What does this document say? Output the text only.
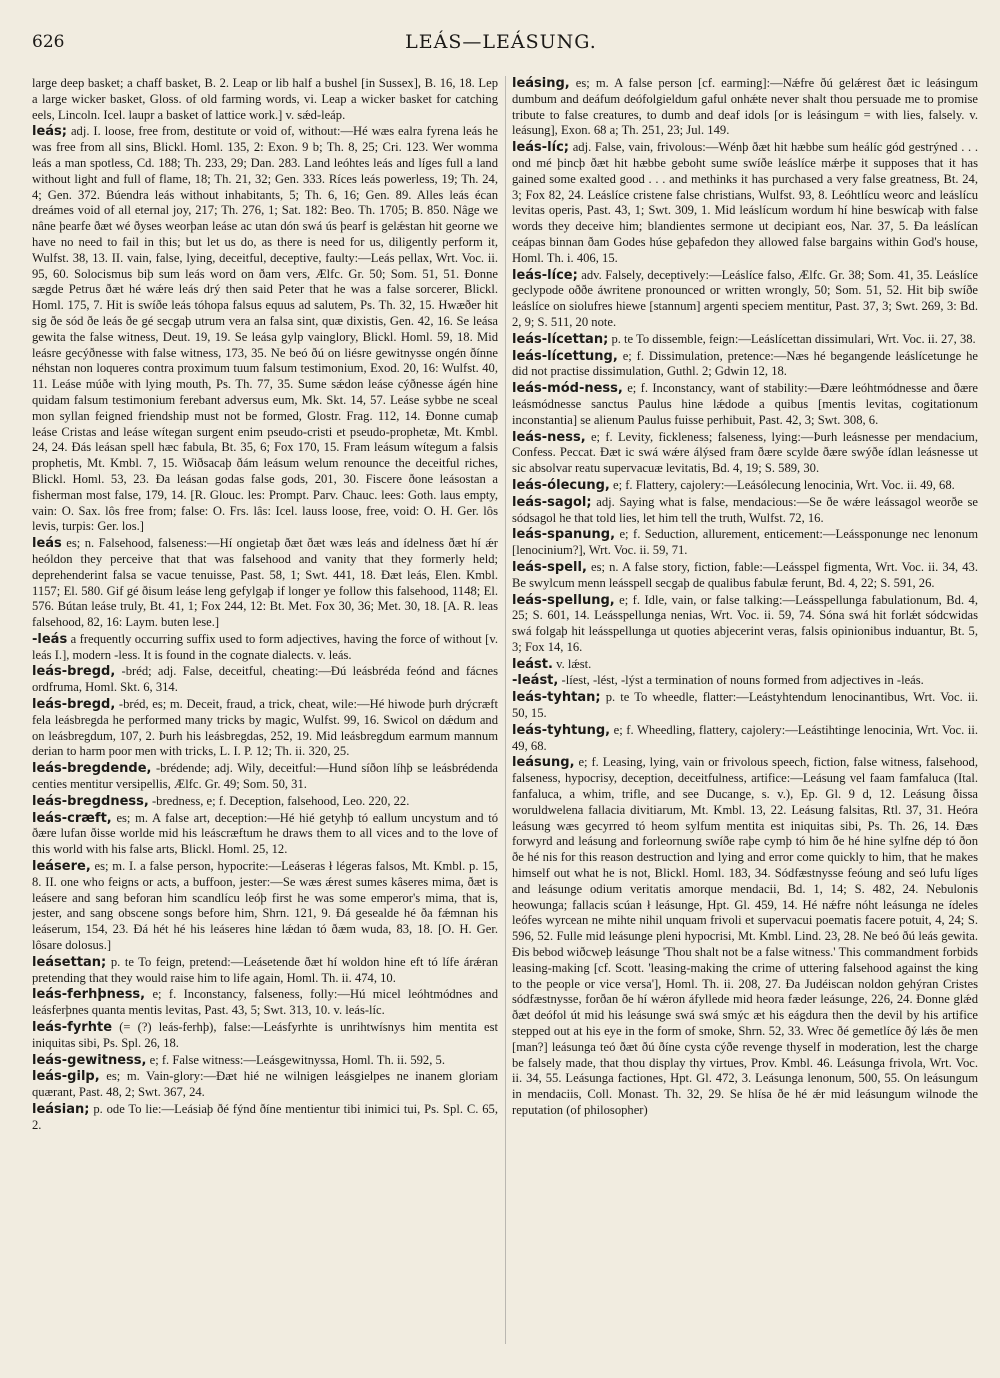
626	LEÁS—LEÁSUNG.

large deep basket; a chaff basket, B. 2. Leap or lib half a bushel [in Sussex], B. 16, 18. Lep a large wicker basket, Gloss. of old farming words, vi. Leap a wicker basket for catching eels, Lincoln. Icel. laupr a basket of lattice work.] v. sǽd-leáp.

leás; adj. I. loose, free from, destitute or void of, without:—Hé wæs ealra fyrena leás he was free from all sins, Blickl. Homl. 135, 2: Exon. 9 b; Th. 8, 25; Cri. 123. Wer womma leás a man spotless, Cd. 188; Th. 233, 29; Dan. 283. Land leóhtes leás and líges full a land without light and full of flame, 18; Th. 21, 32; Gen. 333. Ríces leás powerless, 19; Th. 24, 4; Gen. 372. Búendra leás without inhabitants, 5; Th. 6, 16; Gen. 89. Alles leás écan dreámes void of all eternal joy, 217; Th. 276, 1; Sat. 182: Beo. Th. 1705; B. 850. Nâge we nâne þearfe ðæt wé ðyses weorþan leáse ac utan dón swá ús þearf is gelǽstan hit georne we have no need to fail in this; but let us do, as there is need for us, diligently perform it, Wulfst. 38, 13. II. vain, false, lying, deceitful, deceptive, faulty:—Leás pellax, Wrt. Voc. ii. 95, 60. Solocismus biþ sum leás word on ðam vers, Ælfc. Gr. 50; Som. 51, 51. Ðonne sægde Petrus ðæt hé wǽre leás drý then said Peter that he was a false sorcerer, Blickl. Homl. 175, 7. Hit is swíðe leás tóhopa falsus equus ad salutem, Ps. Th. 32, 15. Hwæðer hit sig ðe sód ðe leás ðe gé secgaþ utrum vera an falsa sint, quæ dixistis, Gen. 42, 16. Se leása gewita the false witness, Deut. 19, 19. Se leása gylp vainglory, Blickl. Homl. 59, 18. Mid leásre gecýðnesse with false witness, 173, 35. Ne beó ðú on liésre gewitnysse ongén ðínne néhstan non loqueres contra proximum tuum falsum testimonium, Exod. 20, 16: Wulfst. 40, 11. Leáse múðe with lying mouth, Ps. Th. 77, 35. Sume sǽdon leáse cýðnesse ágén hine quidam falsum testimonium ferebant adversus eum, Mk. Skt. 14, 57. Leáse sybbe ne sceal mon syllan feigned friendship must not be formed, Glostr. Frag. 112, 14. Ðonne cumaþ leáse Cristas and leáse wítegan surgent enim pseudo-cristi et pseudo-prophetæ, Mt. Kmbl. 24, 24. Ðás leásan spell hæc fabula, Bt. 35, 6; Fox 170, 15. Fram leásum wítegum a falsis prophetis, Mt. Kmbl. 7, 15. Wiðsacaþ ðám leásum welum renounce the deceitful riches, Blickl. Homl. 53, 23. Ða leásan godas false gods, 201, 30. Fiscere ðone leásostan a fisherman most false, 179, 14. [R. Glouc. les: Prompt. Parv. Chauc. lees: Goth. laus empty, vain: O. Sax. lôs free from; false: O. Frs. lâs: Icel. lauss loose, free, void: O. H. Ger. lôs levis, turpis: Ger. los.]

leás es; n. Falsehood, falseness:—Hí ongietaþ ðæt ðæt wæs leás and ídelness ðæt hí ǽr heóldon they perceive that that was falsehood and vanity that they formerly held; deprehenderint falsa se vacue tenuisse, Past. 58, 1; Swt. 441, 18. Ðæt leás, Elen. Kmbl. 1157; El. 580. Gif gé ðisum leáse leng gefylgaþ if longer ye follow this falsehood, 1148; El. 576. Bútan leáse truly, Bt. 41, 1; Fox 244, 12: Bt. Met. Fox 30, 36; Met. 30, 18. [A. R. leas falsehood, 82, 16: Laym. buten lese.]

-leás a frequently occurring suffix used to form adjectives, having the force of without [v. leás I.], modern -less. It is found in the cognate dialects. v. leás.

leás-bregd, -bréd; adj. False, deceitful, cheating:—Ðú leásbréda feónd and fácnes ordfruma, Homl. Skt. 6, 314.

leás-bregd, -bréd, es; m. Deceit, fraud, a trick, cheat, wile:—Hé hiwode þurh drýcræft fela leásbregda he performed many tricks by magic, Wulfst. 99, 16. Swicol on dǽdum and on leásbregdum, 107, 2. Þurh his leásbregdas, 252, 19. Mid leásbregdum earmum mannum derian to harm poor men with tricks, L. I. P. 12; Th. ii. 320, 25.

leás-bregdende, -brédende; adj. Wily, deceitful:—Hund síðon líhþ se leásbrédenda centies mentitur versipellis, Ælfc. Gr. 49; Som. 50, 31.

leás-bregdness, -bredness, e; f. Deception, falsehood, Leo. 220, 22.

leás-cræft, es; m. A false art, deception:—Hé hié getyhþ tó eallum uncystum and tó ðære lufan ðisse worlde mid his leáscræftum he draws them to all vices and to the love of this world with his false arts, Blickl. Homl. 25, 12.

leásere, es; m. I. a false person, hypocrite:—Leáseras ł légeras falsos, Mt. Kmbl. p. 15, 8. II. one who feigns or acts, a buffoon, jester:—Se wæs ǽrest sumes kâseres mima, ðæt is leásere and sang beforan him scandlícu leóþ first he was some emperor's mima, that is, jester, and sang obscene songs before him, Shrn. 121, 9. Ðá gesealde hé ða fǽmnan his leáserum, 154, 23. Ðá hét hé his leáseres hine lǽdan tó ðæm wuda, 83, 18. [O. H. Ger. lôsare dolosus.]

leásettan; p. te To feign, pretend:—Leásetende ðæt hí woldon hine eft tó lífe árǽran pretending that they would raise him to life again, Homl. Th. ii. 474, 10.

leás-ferhþness, e; f. Inconstancy, falseness, folly:—Hú micel leóhtmódnes and leásferþnes quanta mentis levitas, Past. 43, 5; Swt. 313, 10. v. leás-líc.

leás-fyrhte (= (?) leás-ferhþ), false:—Leásfyrhte is unrihtwísnys him mentita est iniquitas sibi, Ps. Spl. 26, 18.

leás-gewitness, e; f. False witness:—Leásgewitnyssa, Homl. Th. ii. 592, 5.

leás-gilp, es; m. Vain-glory:—Ðæt hié ne wilnigen leásgielpes ne inanem gloriam quærant, Past. 48, 2; Swt. 367, 24.

leásian; p. ode To lie:—Leásiaþ ðé fýnd ðíne mentientur tibi inimici tui, Ps. Spl. C. 65, 2.

leásing, es; m. A false person [cf. earming]:—Nǽfre ðú gelǽrest ðæt ic leásingum dumbum and deáfum deófolgieldum gaful onhǽte never shalt thou persuade me to promise tribute to false creatures, to dumb and deaf idols [or is leásingum = with lies, falsely. v. leásung], Exon. 68 a; Th. 251, 23; Jul. 149.

leás-líc; adj. False, vain, frivolous:—Wénþ ðæt hit hæbbe sum heálíc gód gestrýned . . . ond mé þincþ ðæt hit hæbbe geboht sume swíðe leáslíce mǽrþe it supposes that it has gained some exalted good . . . and methinks it has purchased a very false greatness, Bt. 24, 3; Fox 82, 24. Leáslíce cristene false christians, Wulfst. 93, 8. Leóhtlícu weorc and leáslícu levitas operis, Past. 43, 1; Swt. 309, 1. Mid leáslícum wordum hí hine beswícaþ with false words they deceive him; blandientes sermone ut decipiant eos, Nar. 37, 5. Ða leáslícan ceápas binnan ðam Godes húse geþafedon they allowed false bargains within God's house, Homl. Th. i. 406, 15.

leás-líce; adv. Falsely, deceptively:—Leáslíce falso, Ælfc. Gr. 38; Som. 41, 35. Leáslíce geclypode oððe áwritene pronounced or written wrongly, 50; Som. 51, 52. Hit biþ swíðe leáslíce on siolufres hiewe [stannum] argenti speciem mentitur, Past. 37, 3; Swt. 269, 3: Bd. 2, 9; S. 511, 20 note.

leás-lícettan; p. te To dissemble, feign:—Leáslícettan dissimulari, Wrt. Voc. ii. 27, 38.

leás-lícettung, e; f. Dissimulation, pretence:—Næs hé begangende leáslícetunge he did not practise dissimulation, Guthl. 2; Gdwin 12, 18.

leás-mód-ness, e; f. Inconstancy, want of stability:—Ðære leóhtmódnesse and ðære leásmódnesse sanctus Paulus hine lǽdode a quibus [mentis levitas, cogitationum inconstantia] se alienum Paulus fuisse perhibuit, Past. 42, 3; Swt. 308, 6.

leás-ness, e; f. Levity, fickleness; falseness, lying:—Þurh leásnesse per mendacium, Confess. Peccat. Ðæt ic swá wǽre álýsed fram ðære scylde ðære swýðe ídlan leásnesse ut sic absolvar reatu supervacuæ levitatis, Bd. 4, 19; S. 589, 30.

leás-ólecung, e; f. Flattery, cajolery:—Leásólecung lenocinia, Wrt. Voc. ii. 49, 68.

leás-sagol; adj. Saying what is false, mendacious:—Se ðe wǽre leássagol weorðe se sódsagol he that told lies, let him tell the truth, Wulfst. 72, 16.

leás-spanung, e; f. Seduction, allurement, enticement:—Leássponunge nec lenonum [lenocinium?], Wrt. Voc. ii. 59, 71.

leás-spell, es; n. A false story, fiction, fable:—Leásspel figmenta, Wrt. Voc. ii. 34, 43. Be swylcum menn leásspell secgaþ de qualibus fabulæ ferunt, Bd. 4, 22; S. 591, 26.

leás-spellung, e; f. Idle, vain, or false talking:—Leásspellunga fabulationum, Bd. 4, 25; S. 601, 14. Leásspellunga nenias, Wrt. Voc. ii. 59, 74. Sóna swá hit forlǽt sódcwidas swá folgaþ hit leásspellunga ut quoties abjecerint veras, falsis opinionibus induantur, Bt. 5, 3; Fox 14, 16.

leást. v. lǽst.

-leást, -líest, -lést, -lýst a termination of nouns formed from adjectives in -leás.

leás-tyhtan; p. te To wheedle, flatter:—Leástyhtendum lenocinantibus, Wrt. Voc. ii. 50, 15.

leás-tyhtung, e; f. Wheedling, flattery, cajolery:—Leástihtinge lenocinia, Wrt. Voc. ii. 49, 68.

leásung, e; f. Leasing, lying, vain or frivolous speech, fiction, false witness, falsehood, falseness, hypocrisy, deception, deceitfulness, artifice:—Leásung vel faam famfaluca (Ital. fanfaluca, a whim, trifle, and see Ducange, s. v.), Ep. Gl. 9 d, 12. Leásung ðissa woruldwelena fallacia divitiarum, Mt. Kmbl. 13, 22. Leásung falsitas, Rtl. 37, 31. Heóra leásung wæs gecyrred tó heom sylfum mentita est iniquitas sibi, Ps. Th. 26, 14. Ðæs forwyrd and leásung and forleornung swíðe raþe cymþ tó him ðe hé hine sylfne dép tó ðon ðe hé nis for this reason destruction and lying and error come quickly to him, that he makes himself out what he is not, Blickl. Homl. 183, 34. Sódfæstnysse feóung and seó lufu líges and leásunge odium veritatis amorque mendacii, Bd. 1, 14; S. 482, 24. Nebulonis heowunga; fallacis scúan ł leásunge, Hpt. Gl. 459, 14. Hé nǽfre nóht leásunga ne ídeles leófes wyrcean ne mihte nihil unquam frivoli et supervacui poematis facere potuit, 4, 24; S. 596, 52. Fulle mid leásunge pleni hypocrisi, Mt. Kmbl. Lind. 23, 28. Ne beó ðú leás gewita. Ðis bebod wiðcweþ leásunge 'Thou shalt not be a false witness.' This commandment forbids leasing-making [cf. Scott. 'leasing-making the crime of uttering falsehood against the king to the people or vice versa'], Homl. Th. ii. 208, 27. Ða Judéiscan noldon gehýran Cristes sódfæstnysse, forðan ðe hí wǽron áfyllede mid heora fæder leásunge, 226, 24. Ðonne glǽd ðæt deófol út mid his leásunge swá swá smýc æt his eágdura then the devil by his artifice stepped out at his eye in the form of smoke, Shrn. 52, 33. Wrec ðé gemetlíce ðý lǽs ðe men [man?] leásunga teó ðæt ðú ðíne cysta cýðe revenge thyself in moderation, lest the charge be falsely made, that thou display thy virtues, Prov. Kmbl. 46. Leásunga frivola, Wrt. Voc. ii. 34, 55. Leásunga factiones, Hpt. Gl. 472, 3. Leásunga lenonum, 500, 55. On leásungum in mendaciis, Coll. Monast. Th. 32, 29. Se hlísa ðe hé ǽr mid leásungum wilnode the reputation (of philosopher)
